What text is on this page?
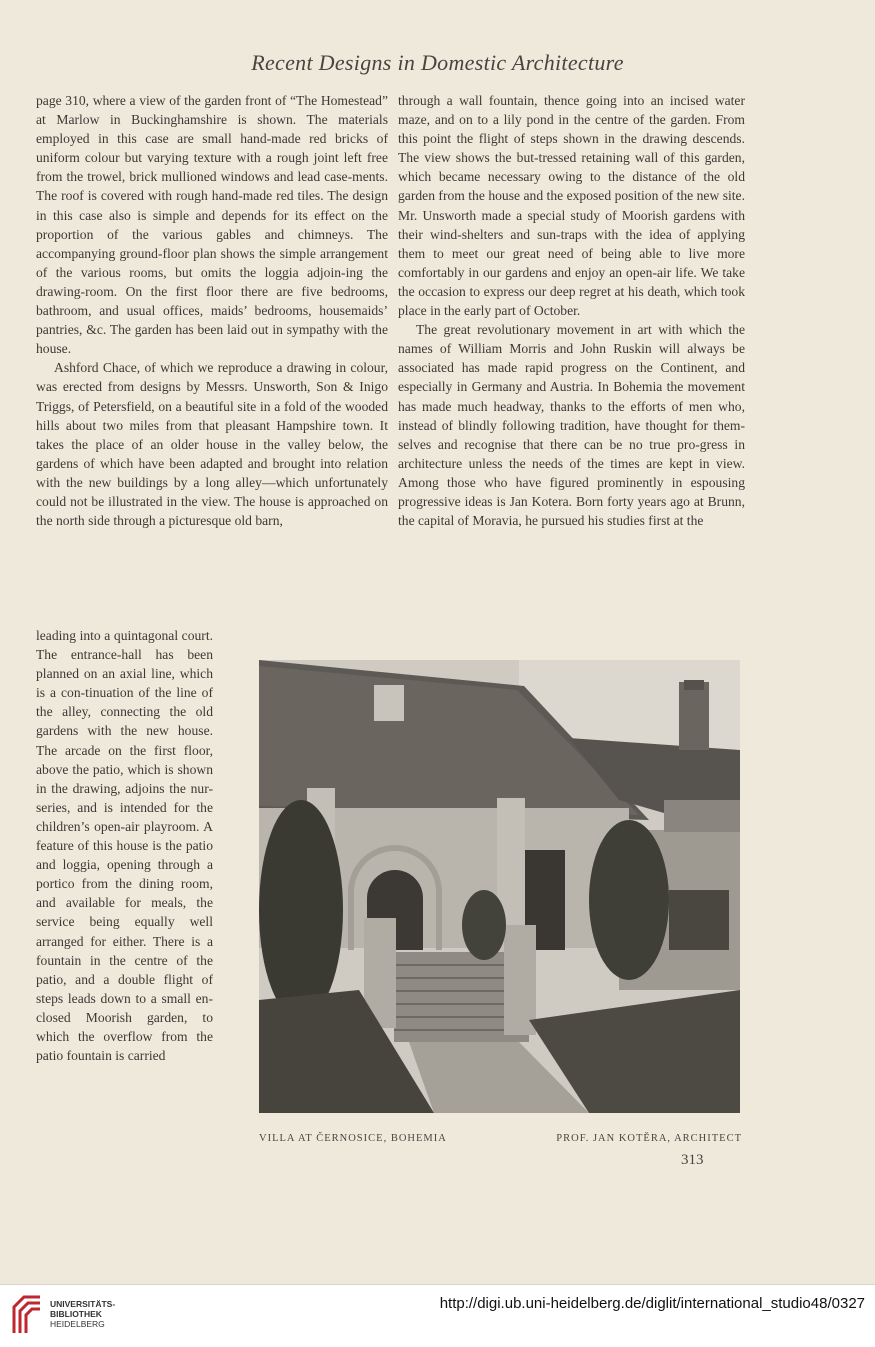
Recent Designs in Domestic Architecture

page 310, where a view of the garden front of “The Homestead” at Marlow in Buckinghamshire is shown. The materials employed in this case are small hand-made red bricks of uniform colour but varying texture with a rough joint left free from the trowel, brick mullioned windows and lead case-ments. The roof is covered with rough hand-made red tiles. The design in this case also is simple and depends for its effect on the proportion of the various gables and chimneys. The accompanying ground-floor plan shows the simple arrangement of the various rooms, but omits the loggia adjoin-ing the drawing-room. On the first floor there are five bedrooms, bathroom, and usual offices, maids’ bedrooms, housemaids’ pantries, &c. The garden has been laid out in sympathy with the house.

Ashford Chace, of which we reproduce a drawing in colour, was erected from designs by Messrs. Unsworth, Son & Inigo Triggs, of Petersfield, on a beautiful site in a fold of the wooded hills about two miles from that pleasant Hampshire town. It takes the place of an older house in the valley below, the gardens of which have been adapted and brought into relation with the new buildings by a long alley—which unfortunately could not be illustrated in the view. The house is approached on the north side through a picturesque old barn,

leading into a quintagonal court. The entrance-hall has been planned on an axial line, which is a con-tinuation of the line of the alley, connecting the old gardens with the new house. The arcade on the first floor, above the patio, which is shown in the drawing, adjoins the nur-series, and is intended for the children’s open-air playroom. A feature of this house is the patio and loggia, opening through a portico from the dining room, and available for meals, the service being equally well arranged for either. There is a fountain in the centre of the patio, and a double flight of steps leads down to a small en-closed Moorish garden, to which the overflow from the patio fountain is carried

through a wall fountain, thence going into an incised water maze, and on to a lily pond in the centre of the garden. From this point the flight of steps shown in the drawing descends. The view shows the but-tressed retaining wall of this garden, which became necessary owing to the distance of the old garden from the house and the exposed position of the new site. Mr. Unsworth made a special study of Moorish gardens with their wind-shelters and sun-traps with the idea of applying them to meet our great need of being able to live more comfortably in our gardens and enjoy an open-air life. We take the occasion to express our deep regret at his death, which took place in the early part of October.

The great revolutionary movement in art with which the names of William Morris and John Ruskin will always be associated has made rapid progress on the Continent, and especially in Germany and Austria. In Bohemia the movement has made much headway, thanks to the efforts of men who, instead of blindly following tradition, have thought for them-selves and recognise that there can be no true pro-gress in architecture unless the needs of the times are kept in view. Among those who have figured prominently in espousing progressive ideas is Jan Kotera. Born forty years ago at Brunn, the capital of Moravia, he pursued his studies first at the

VILLA AT ČERNOSICE, BOHEMIA	PROF. JAN KOTĚRA, ARCHITECT
313
UNIVERSITÄTS-
BIBLIOTHEK
HEIDELBERG
http://digi.ub.uni-heidelberg.de/diglit/international_studio48/0327
